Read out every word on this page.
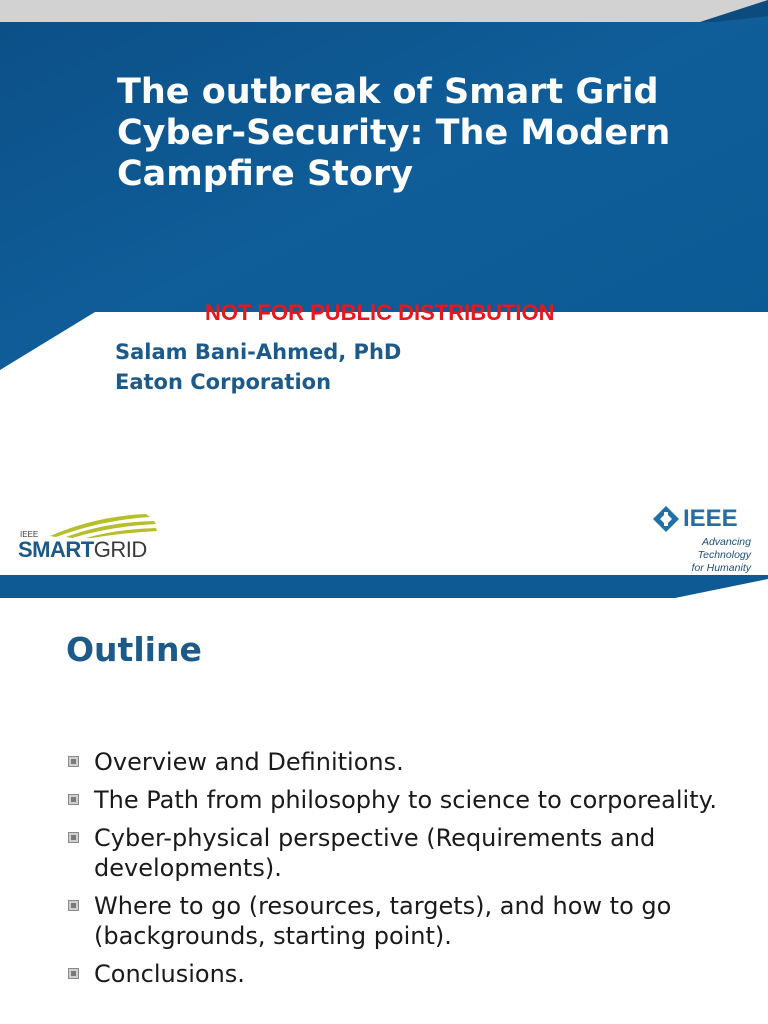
The outbreak of Smart Grid Cyber-Security: The Modern Campfire Story

NOT FOR PUBLIC DISTRIBUTION

Salam Bani-Ahmed, PhD
Eaton Corporation
IEEE
SMARTGRID
IEEE
Advancing Technology
for Humanity
Outline
Overview and Definitions.
The Path from philosophy to science to corporeality.
Cyber-physical perspective (Requirements and developments).
Where to go (resources, targets), and how to go (backgrounds, starting point).
Conclusions.
